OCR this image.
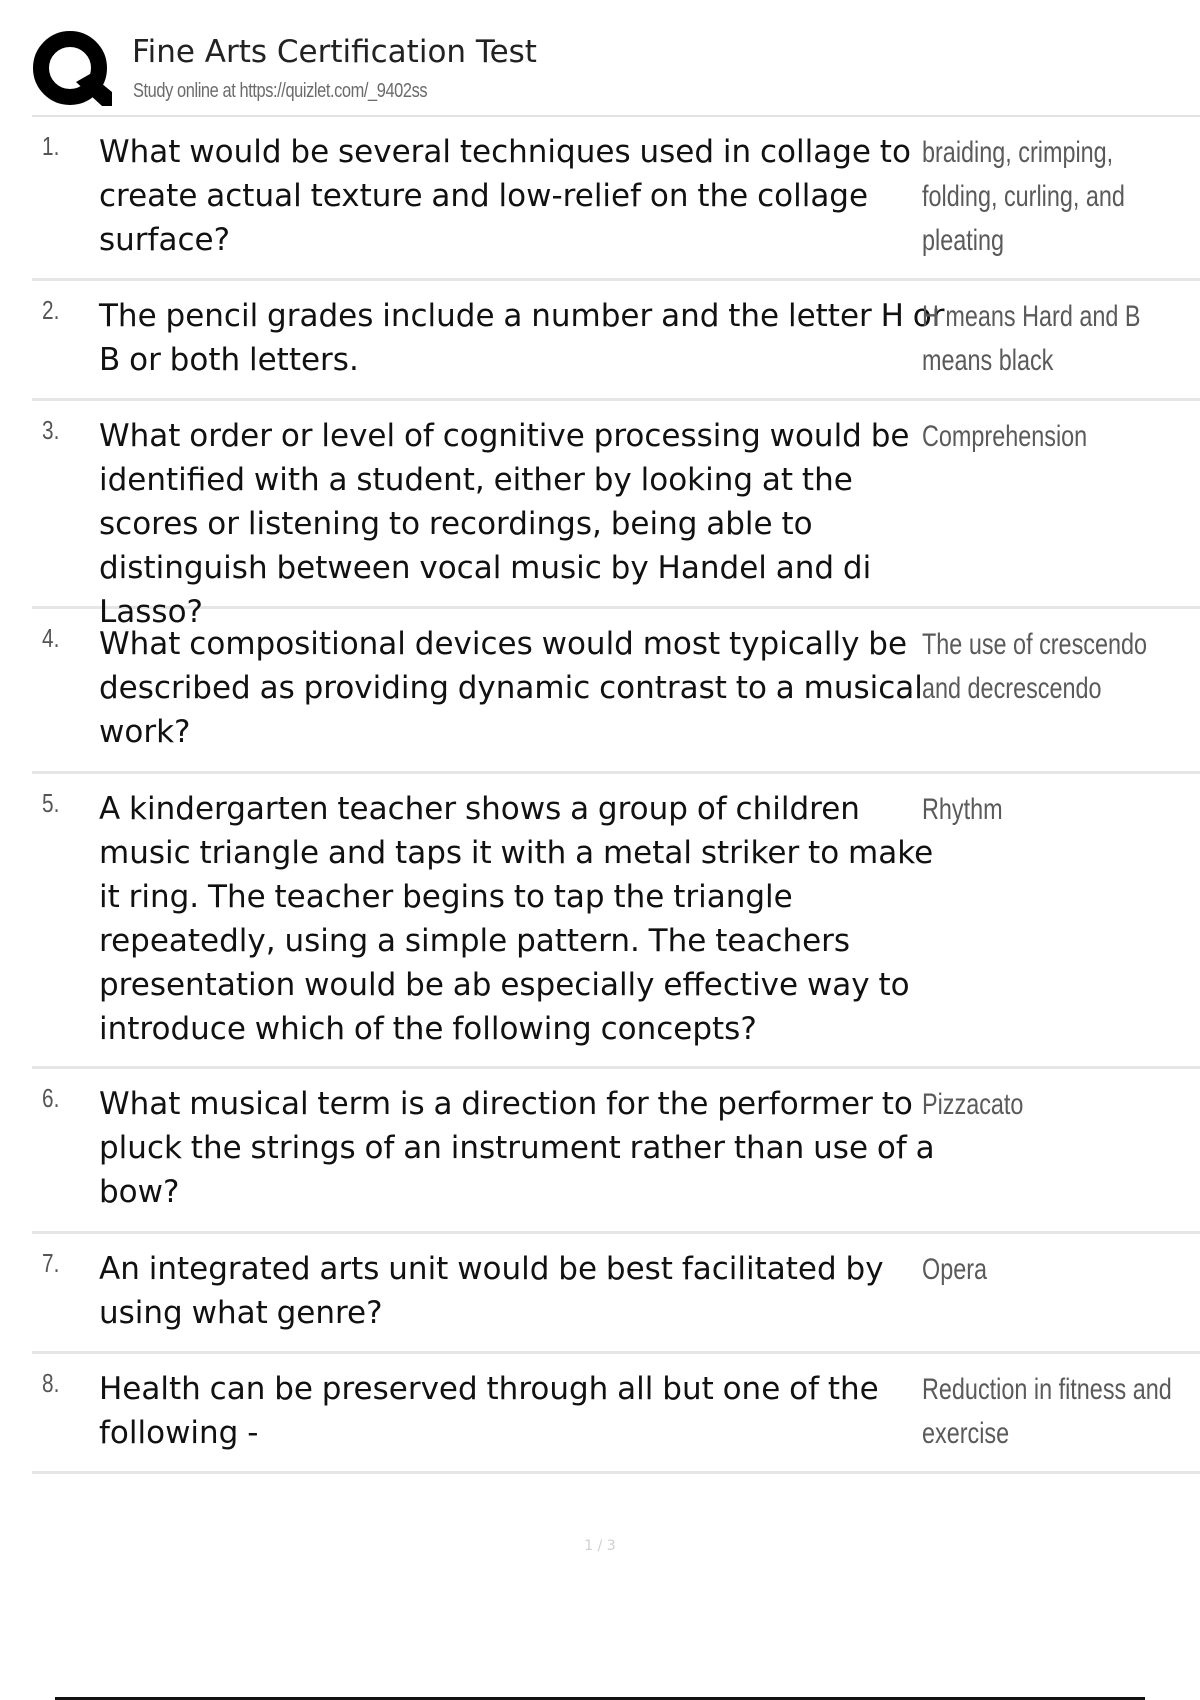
Fine Arts Certification Test
Study online at https://quizlet.com/_9402ss
1. What would be several techniques used in collage to create actual texture and low-relief on the collage surface?
braiding, crimping, folding, curling, and pleating
2. The pencil grades include a number and the letter H or B or both letters.
H means Hard and B means black
3. What order or level of cognitive processing would be identified with a student, either by looking at the scores or listening to recordings, being able to distinguish between vocal music by Handel and di Lasso?
Comprehension
4. What compositional devices would most typically be described as providing dynamic contrast to a musical work?
The use of crescendo and decrescendo
5. A kindergarten teacher shows a group of children music triangle and taps it with a metal striker to make it ring. The teacher begins to tap the triangle repeatedly, using a simple pattern. The teachers presentation would be ab especially effective way to introduce which of the following concepts?
Rhythm
6. What musical term is a direction for the performer to pluck the strings of an instrument rather than use of a bow?
Pizzacato
7. An integrated arts unit would be best facilitated by using what genre?
Opera
8. Health can be preserved through all but one of the following -
Reduction in fitness and exercise
1 / 3
